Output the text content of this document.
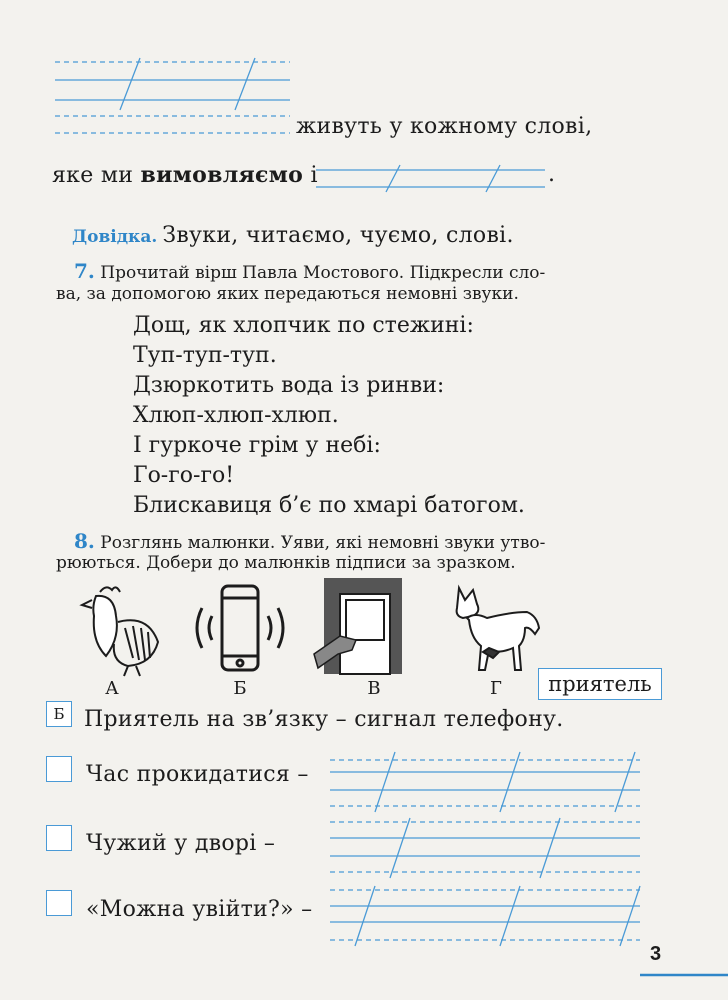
живуть у кожному слові,
яке ми вимовляємо і	.
Довідка. Звуки, читаємо, чуємо, слові.
7. Прочитай вірш Павла Мостового. Підкресли сло-
ва, за допомогою яких передаються немовні звуки.
Дощ, як хлопчик по стежині:
Туп-туп-туп.
Дзюркотить вода із ринви:
Хлюп-хлюп-хлюп.
І гуркоче грім у небі:
Го-го-го!
Блискавиця б’є по хмарі батогом.
8. Розглянь малюнки. Уяви, які немовні звуки утво-
рюються. Добери до малюнків підписи за зразком.
А	Б	В	Г	приятель
Б Приятель на зв’язку – сигнал телефону.
Час прокидатися –
Чужий у дворі –
«Можна увійти?» –
3
